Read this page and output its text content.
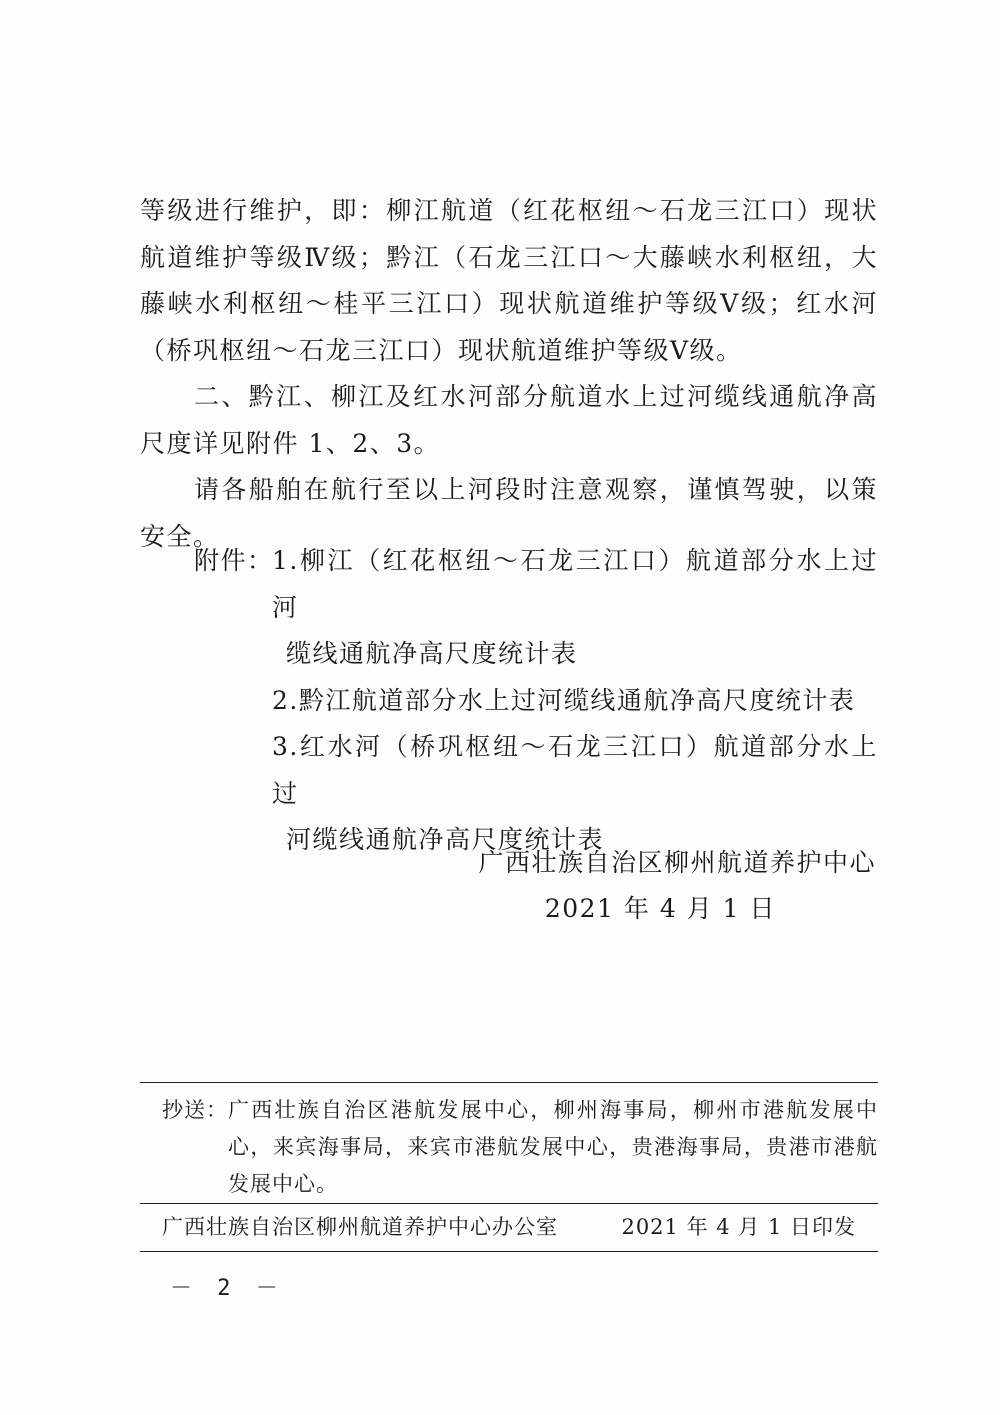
等级进行维护，即：柳江航道（红花枢纽～石龙三江口）现状航道维护等级Ⅳ级；黔江（石龙三江口～大藤峡水利枢纽，大藤峡水利枢纽～桂平三江口）现状航道维护等级Ⅴ级；红水河（桥巩枢纽～石龙三江口）现状航道维护等级Ⅴ级。

二、黔江、柳江及红水河部分航道水上过河缆线通航净高尺度详见附件 1、2、3。

请各船舶在航行至以上河段时注意观察，谨慎驾驶，以策安全。

附件：
1.柳江（红花枢纽～石龙三江口）航道部分水上过河
缆线通航净高尺度统计表
2.黔江航道部分水上过河缆线通航净高尺度统计表
3.红水河（桥巩枢纽～石龙三江口）航道部分水上过
河缆线通航净高尺度统计表
广西壮族自治区柳州航道养护中心
2021 年 4 月 1 日
抄送： 广西壮族自治区港航发展中心，柳州海事局，柳州市港航发展中心，来宾海事局，来宾市港航发展中心，贵港海事局，贵港市港航发展中心。
广西壮族自治区柳州航道养护中心办公室	2021 年 4 月 1 日印发
－ 2 －
